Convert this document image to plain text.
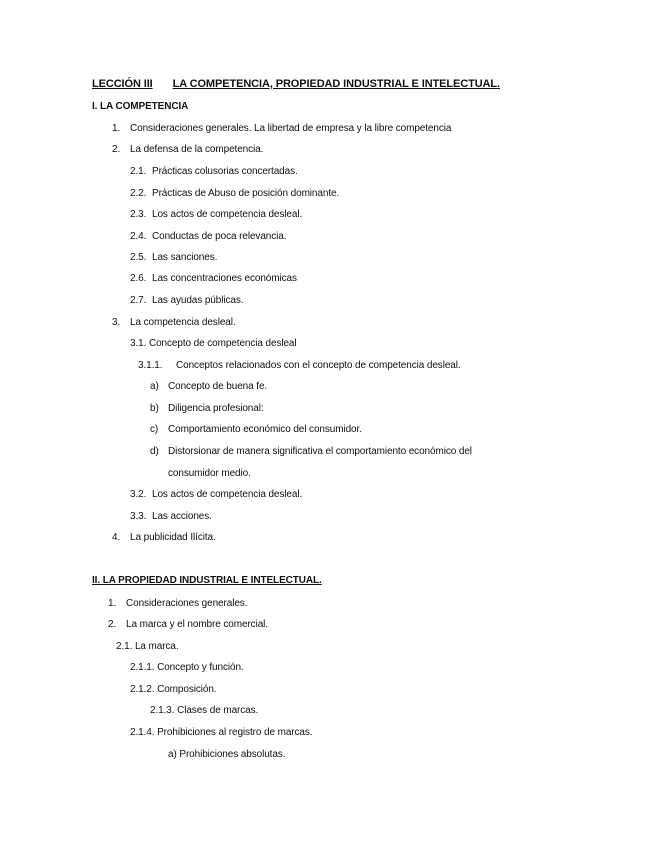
LECCIÓN III LA COMPETENCIA, PROPIEDAD INDUSTRIAL E INTELECTUAL.
I. LA COMPETENCIA
1. Consideraciones generales. La libertad de empresa y la libre competencia
2. La defensa de la competencia.
2.1. Prácticas colusorias concertadas.
2.2. Prácticas de Abuso de posición dominante.
2.3. Los actos de competencia desleal.
2.4. Conductas de poca relevancia.
2.5. Las sanciones.
2.6. Las concentraciones económicas
2.7. Las ayudas públicas.
3. La competencia desleal.
3.1. Concepto de competencia desleal
3.1.1. Conceptos relacionados con el concepto de competencia desleal.
a) Concepto de buena fe.
b) Diligencia profesional:
c) Comportamiento económico del consumidor.
d) Distorsionar de manera significativa el comportamiento económico del
consumidor medio.
3.2. Los actos de competencia desleal.
3.3. Las acciones.
4. La publicidad Ilícita.
II. LA PROPIEDAD INDUSTRIAL E INTELECTUAL.
1. Consideraciones generales.
2. La marca y el nombre comercial.
2.1. La marca.
2.1.1. Concepto y función.
2.1.2. Composición.
2.1.3. Clases de marcas.
2.1.4. Prohibiciones al registro de marcas.
a) Prohibiciones absolutas.
